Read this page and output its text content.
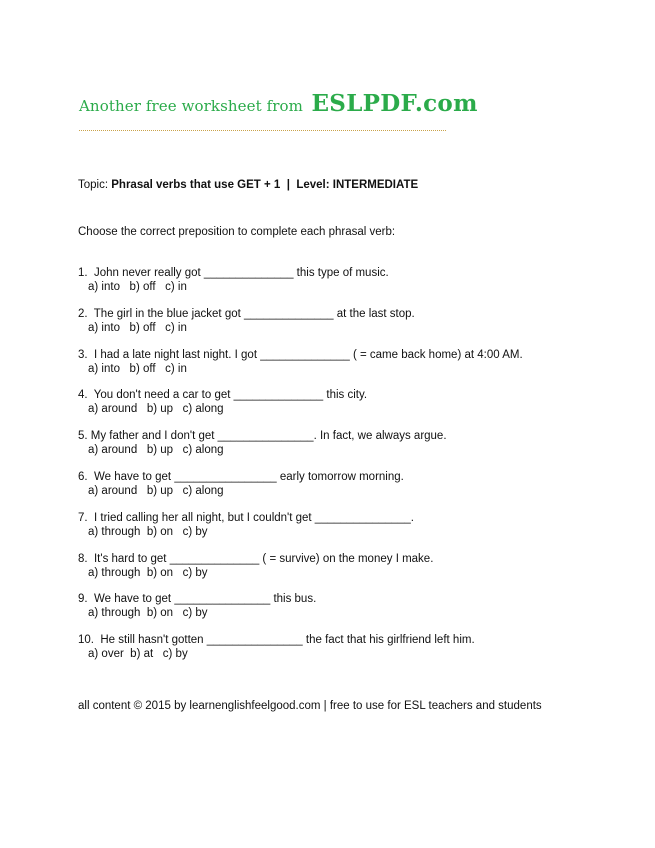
Another free worksheet from ESLPDF.com
Topic: Phrasal verbs that use GET + 1  |  Level: INTERMEDIATE
Choose the correct preposition to complete each phrasal verb:
1.  John never really got ______________ this type of music.
a) into   b) off   c) in
2.  The girl in the blue jacket got ______________ at the last stop.
a) into   b) off   c) in
3.  I had a late night last night. I got ______________ ( = came back home) at 4:00 AM.
a) into   b) off   c) in
4.  You don't need a car to get ______________ this city.
a) around   b) up   c) along
5. My father and I don't get _______________. In fact, we always argue.
a) around   b) up   c) along
6.  We have to get ________________ early tomorrow morning.
a) around   b) up   c) along
7.  I tried calling her all night, but I couldn't get _______________.
a) through  b) on   c) by
8.  It's hard to get ______________ ( = survive) on the money I make.
a) through  b) on   c) by
9.  We have to get _______________ this bus.
a) through  b) on   c) by
10.  He still hasn't gotten _______________ the fact that his girlfriend left him.
a) over  b) at   c) by
all content © 2015 by learnenglishfeelgood.com | free to use for ESL teachers and students
